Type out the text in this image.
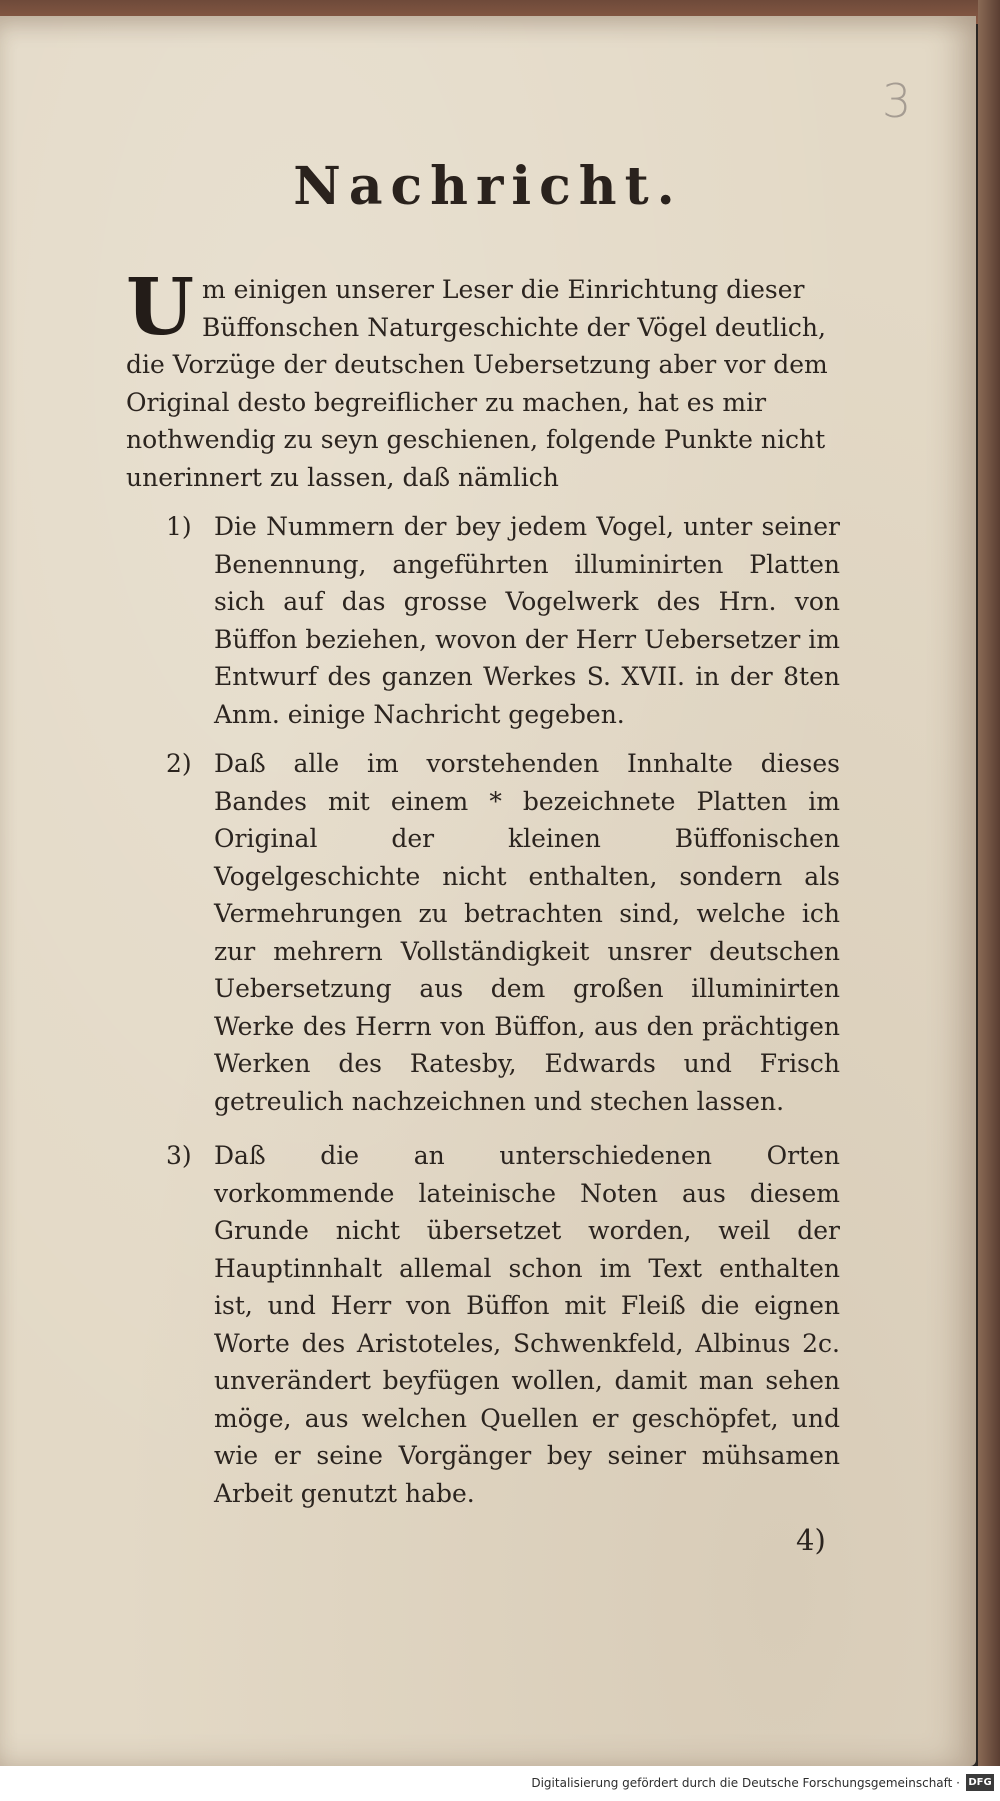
3
Nachricht.
Um einigen unserer Leser die Einrichtung dieser Büffonschen Naturgeschichte der Vögel deutlich, die Vorzüge der deutschen Uebersetzung aber vor dem Original desto begreiflicher zu machen, hat es mir nothwendig zu seyn geschienen, folgende Punkte nicht unerinnert zu lassen, daß nämlich
1) Die Nummern der bey jedem Vogel, unter seiner Benennung, angeführten illuminirten Platten sich auf das grosse Vogelwerk des Hrn. von Büffon beziehen, wovon der Herr Uebersetzer im Entwurf des ganzen Werkes S. XVII. in der 8ten Anm. einige Nachricht gegeben.
2) Daß alle im vorstehenden Innhalte dieses Bandes mit einem * bezeichnete Platten im Original der kleinen Büffonischen Vogelgeschichte nicht enthalten, sondern als Vermehrungen zu betrachten sind, welche ich zur mehrern Vollständigkeit unsrer deutschen Uebersetzung aus dem großen illuminirten Werke des Herrn von Büffon, aus den prächtigen Werken des Ratesby, Edwards und Frisch getreulich nachzeichnen und stechen lassen.
3) Daß die an unterschiedenen Orten vorkommende lateinische Noten aus diesem Grunde nicht übersetzet worden, weil der Hauptinnhalt allemal schon im Text enthalten ist, und Herr von Büffon mit Fleiß die eignen Worte des Aristoteles, Schwenkfeld, Albinus 2c. unverändert beyfügen wollen, damit man sehen möge, aus welchen Quellen er geschöpfet, und wie er seine Vorgänger bey seiner mühsamen Arbeit genutzt habe.
4)
Digitalisierung gefördert durch die Deutsche Forschungsgemeinschaft · DFG
